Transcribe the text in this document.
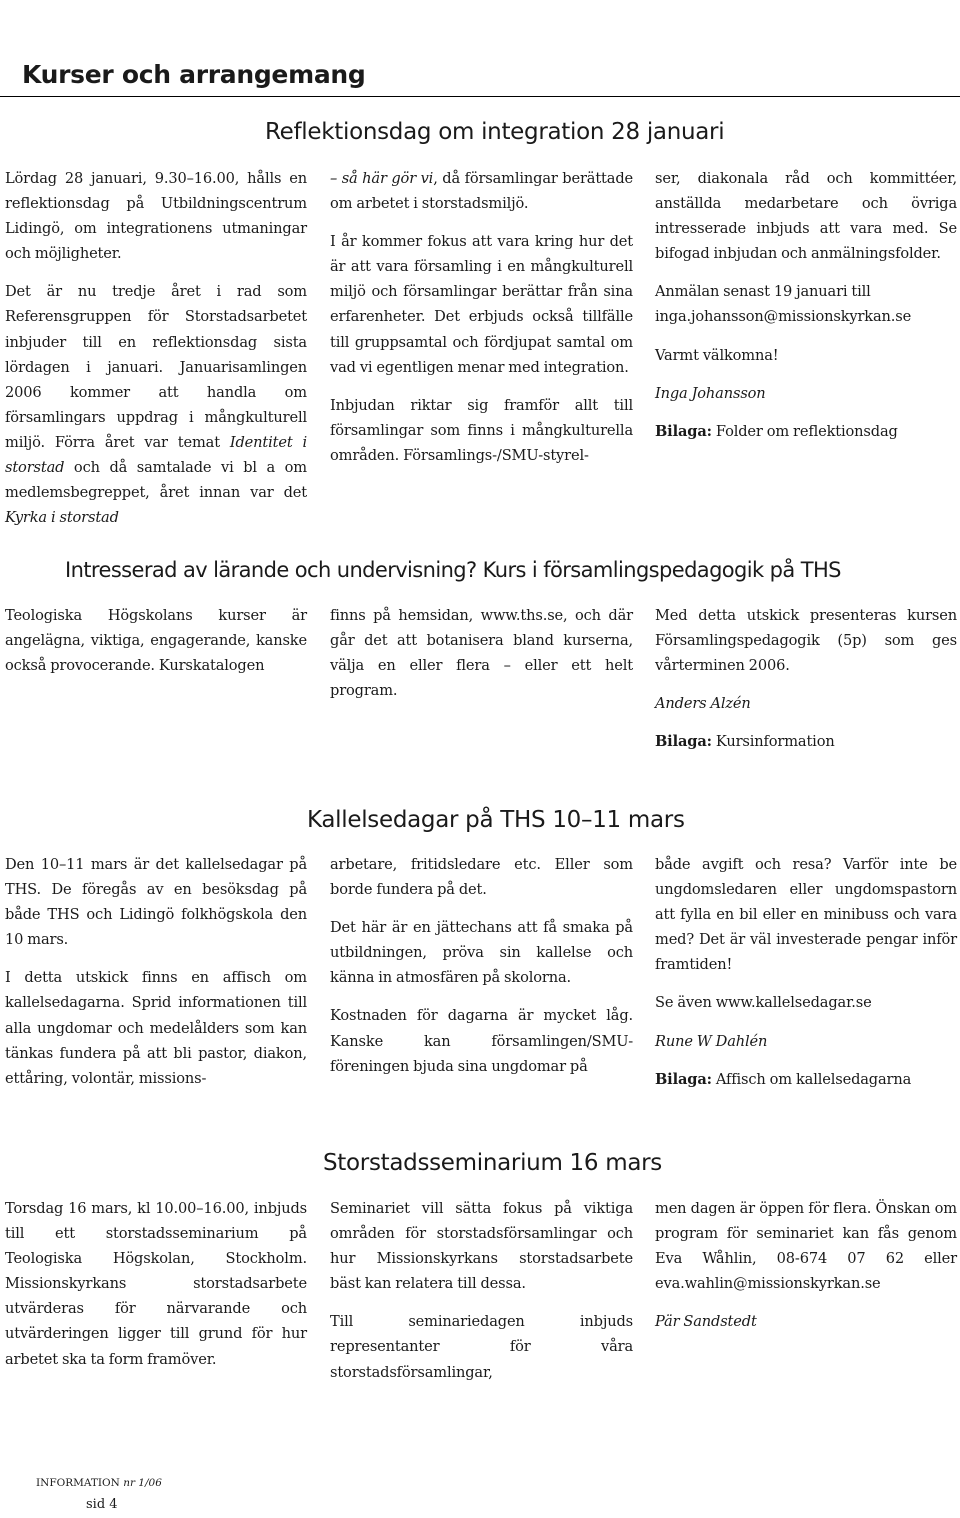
Kurser och arrangemang
Reflektionsdag om integration 28 januari

Lördag 28 januari, 9.30–16.00, hålls en reflektionsdag på Utbildningscentrum Lidingö, om integrationens utmaningar och möjligheter.

Det är nu tredje året i rad som Referensgruppen för Storstadsarbetet inbjuder till en reflektionsdag sista lördagen i januari. Januarisamlingen 2006 kommer att handla om församlingars uppdrag i mångkulturell miljö. Förra året var temat Identitet i storstad och då samtalade vi bl a om medlemsbegreppet, året innan var det Kyrka i storstad

– så här gör vi, då församlingar berättade om arbetet i storstadsmiljö.

I år kommer fokus att vara kring hur det är att vara församling i en mångkulturell miljö och församlingar berättar från sina erfarenheter. Det erbjuds också tillfälle till gruppsamtal och fördjupat samtal om vad vi egentligen menar med integration.

Inbjudan riktar sig framför allt till församlingar som finns i mångkulturella områden. Församlings-/SMU-styrel-

ser, diakonala råd och kommittéer, anställda medarbetare och övriga intresserade inbjuds att vara med. Se bifogad inbjudan och anmälningsfolder.

Anmälan senast 19 januari till inga.johansson@missionskyrkan.se

Varmt välkomna!

Inga Johansson

Bilaga: Folder om reflektionsdag

Intresserad av lärande och undervisning? Kurs i församlingspedagogik på THS

Teologiska Högskolans kurser är angelägna, viktiga, engagerande, kanske också provocerande. Kurskatalogen

finns på hemsidan, www.ths.se, och där går det att botanisera bland kurserna, välja en eller flera – eller ett helt program.

Med detta utskick presenteras kursen Församlingspedagogik (5p) som ges vårterminen 2006.

Anders Alzén

Bilaga: Kursinformation

Kallelsedagar på THS 10–11 mars

Den 10–11 mars är det kallelsedagar på THS. De föregås av en besöksdag på både THS och Lidingö folkhögskola den 10 mars.

I detta utskick finns en affisch om kallelsedagarna. Sprid informationen till alla ungdomar och medelålders som kan tänkas fundera på att bli pastor, diakon, ettåring, volontär, missions-

arbetare, fritidsledare etc. Eller som borde fundera på det.

Det här är en jättechans att få smaka på utbildningen, pröva sin kallelse och känna in atmosfären på skolorna.

Kostnaden för dagarna är mycket låg. Kanske kan församlingen/SMU-föreningen bjuda sina ungdomar på

både avgift och resa? Varför inte be ungdomsledaren eller ungdomspastorn att fylla en bil eller en minibuss och vara med? Det är väl investerade pengar inför framtiden!

Se även www.kallelsedagar.se

Rune W Dahlén

Bilaga: Affisch om kallelsedagarna

Storstadsseminarium 16 mars

Torsdag 16 mars, kl 10.00–16.00, inbjuds till ett storstadsseminarium på Teologiska Högskolan, Stockholm. Missionskyrkans storstadsarbete utvärderas för närvarande och utvärderingen ligger till grund för hur arbetet ska ta form framöver.

Seminariet vill sätta fokus på viktiga områden för storstadsförsamlingar och hur Missionskyrkans storstadsarbete bäst kan relatera till dessa.

Till seminariedagen inbjuds representanter för våra storstadsförsamlingar,

men dagen är öppen för flera. Önskan om program för seminariet kan fås genom Eva Wåhlin, 08-674 07 62 eller eva.wahlin@missionskyrkan.se

Pär Sandstedt

INFORMATION nr 1/06
sid 4
